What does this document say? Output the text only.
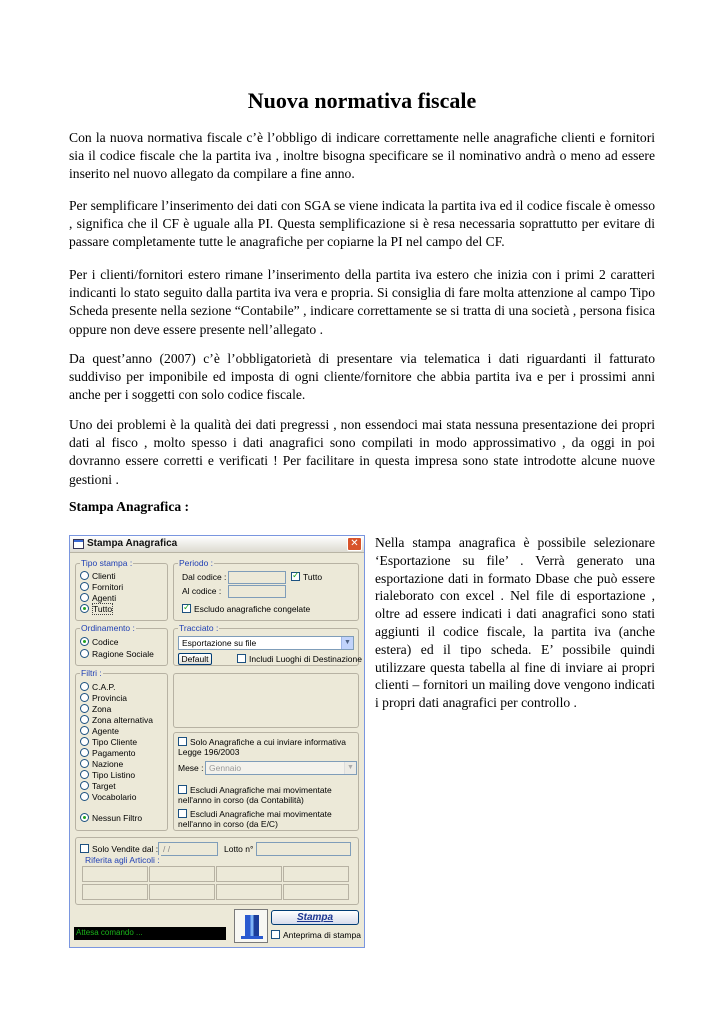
Nuova normativa fiscale

Con la nuova normativa fiscale c’è l’obbligo di indicare correttamente nelle anagrafiche clienti e fornitori sia il codice fiscale che la partita iva , inoltre bisogna specificare se il nominativo andrà o meno ad essere inserito nel nuovo allegato da compilare a fine anno.

Per semplificare l’inserimento dei dati con SGA se viene indicata la partita iva ed il codice fiscale è omesso , significa che il CF è uguale alla PI. Questa semplificazione si è resa necessaria soprattutto per evitare di passare completamente tutte le anagrafiche per copiarne la PI nel campo del CF.

Per i clienti/fornitori estero rimane l’inserimento della partita iva estero che inizia con i primi 2 caratteri indicanti lo stato seguito dalla partita iva vera e propria. Si consiglia di fare molta attenzione al campo Tipo Scheda presente nella sezione “Contabile” , indicare correttamente se si tratta di una società , persona fisica oppure non deve essere presente nell’allegato .

Da quest’anno (2007) c’è l’obbligatorietà di presentare via telematica i dati riguardanti il fatturato suddiviso per imponibile ed imposta di ogni cliente/fornitore che abbia partita iva e per i prossimi anni anche per i soggetti con solo codice fiscale.

Uno dei problemi è la qualità dei dati pregressi , non essendoci mai stata nessuna presentazione dei propri dati al fisco , molto spesso i dati anagrafici sono compilati in modo approssimativo , da oggi in poi dovranno essere corretti e verificati ! Per facilitare in questa impresa sono state introdotte alcune nuove gestioni .

Stampa Anagrafica :

Nella stampa anagrafica è possibile selezionare ‘Esportazione su file’ . Verrà generato una esportazione dati in formato Dbase che può essere rialeborato con excel . Nel file di esportazione , oltre ad essere indicati i dati anagrafici sono stati aggiunti il codice fiscale, la partita iva (anche estera) ed il tipo scheda. E’ possibile quindi utilizzare questa tabella al fine di inviare ai propri clienti – fornitori un mailing dove vengono indicati i propri dati anagrafici per controllo .

Stampa Anagrafica	✕
Tipo stampa :
Clienti
Fornitori
Agenti
Tutto
Periodo :
Dal codice :
✓	Tutto
Al codice :
✓Escludo anagrafiche congelate
Ordinamento :
Codice
Ragione Sociale
Tracciato :
Esportazione su file	▼
Default	Includi Luoghi di Destinazione
Filtri :
C.A.P.
Provincia
Zona
Zona alternativa
Agente
Tipo Cliente
Pagamento
Nazione
Tipo Listino
Target
Vocabolario
Nessun Filtro
Solo Anagrafiche a cui inviare informativa Legge 196/2003
Mese : Gennaio	▼
Escludi Anagrafiche mai movimentate nell'anno in corso (da Contabilità)
Escludi Anagrafiche mai movimentate nell'anno in corso (da E/C)
Solo Vendite dal : / /	Lotto n°
Riferita agli Articoli :
Attesa comando ...
Stampa
Anteprima di stampa
